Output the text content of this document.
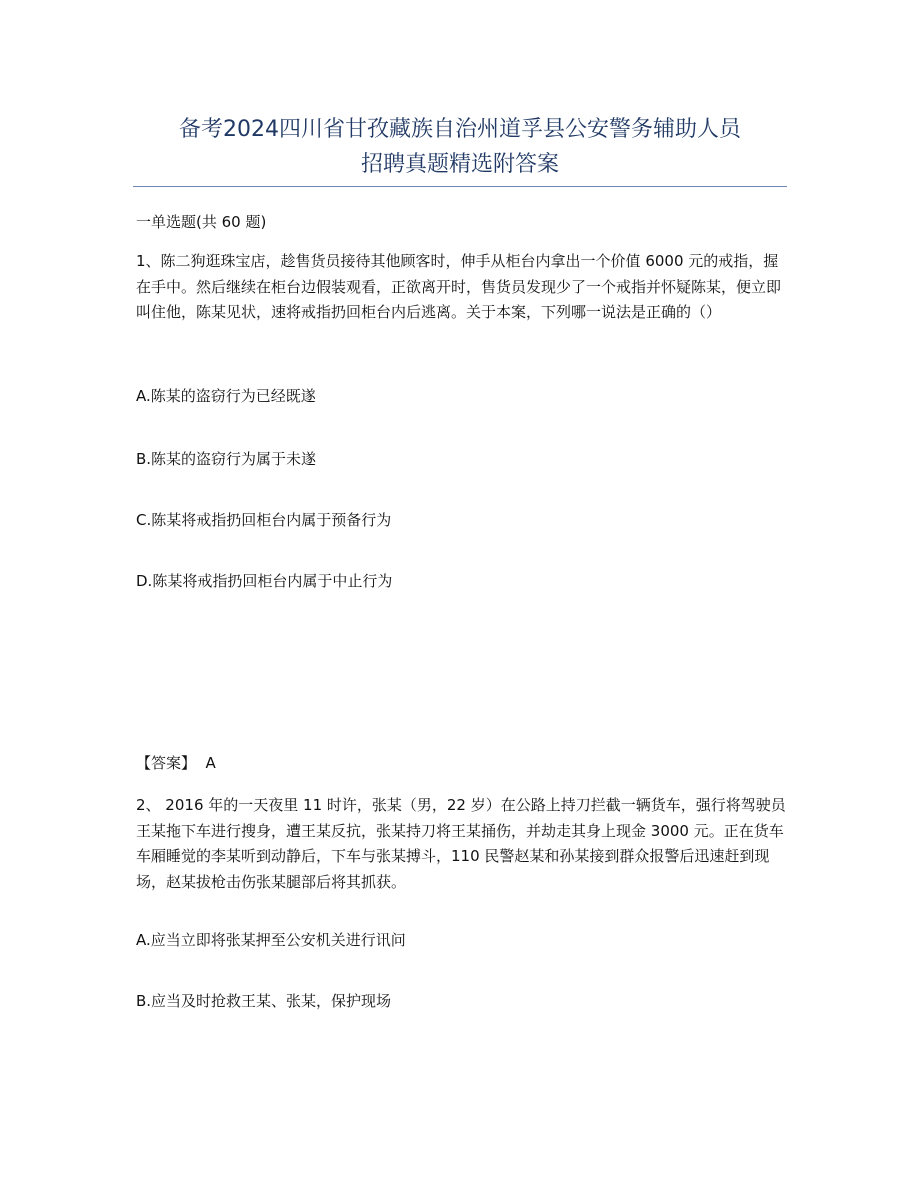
备考2024四川省甘孜藏族自治州道孚县公安警务辅助人员
招聘真题精选附答案
一单选题(共 60 题)
1、陈二狗逛珠宝店，趁售货员接待其他顾客时，伸手从柜台内拿出一个价值 6000 元的戒指，握在手中。然后继续在柜台边假装观看，正欲离开时，售货员发现少了一个戒指并怀疑陈某，便立即叫住他，陈某见状，速将戒指扔回柜台内后逃离。关于本案，下列哪一说法是正确的（）
A.陈某的盗窃行为已经既遂
B.陈某的盗窃行为属于未遂
C.陈某将戒指扔回柜台内属于预备行为
D.陈某将戒指扔回柜台内属于中止行为
【答案】  A
2、 2016 年的一天夜里 11 时许，张某（男，22 岁）在公路上持刀拦截一辆货车，强行将驾驶员王某拖下车进行搜身，遭王某反抗，张某持刀将王某捅伤，并劫走其身上现金 3000 元。正在货车车厢睡觉的李某听到动静后，下车与张某搏斗，110 民警赵某和孙某接到群众报警后迅速赶到现场，赵某拔枪击伤张某腿部后将其抓获。
A.应当立即将张某押至公安机关进行讯问
B.应当及时抢救王某、张某，保护现场
